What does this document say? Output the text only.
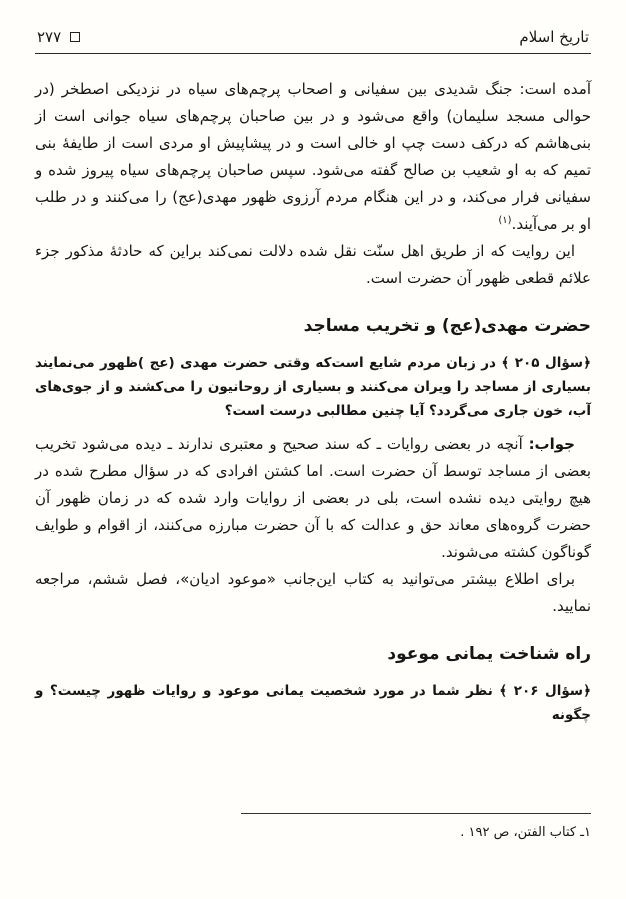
تاریخ اسلام
۲۷۷

آمده است: جنگ شدیدی بین سفیانی و اصحاب پرچم‌های سیاه در نزدیکی اصطخر (در حوالی مسجد سلیمان) واقع می‌شود و در بین صاحبان پرچم‌های سیاه جوانی است از بنی‌هاشم که درکف دست چپ او خالی است و در پیشاپیش او مردی است از طایفهٔ بنی تمیم که به او شعیب بن صالح گفته می‌شود. سپس صاحبان پرچم‌های سیاه پیروز شده و سفیانی فرار می‌کند، و در این هنگام مردم آرزوی ظهور مهدی(عج) را می‌کنند و در طلب او بر می‌آیند.$^{(۱)}$

این روایت که از طریق اهل سنّت نقل شده دلالت نمی‌کند براین که حادثهٔ مذکور جزء علائم قطعی ظهور آن حضرت است.

حضرت مهدی(عج) و تخریب مساجد

﴿سؤال ۲۰۵ ﴾ در زبان مردم شایع است‌که وقتی حضرت مهدی (عج )ظهور می‌نمایند بسیاری از مساجد را ویران می‌کنند و بسیاری از روحانیون را می‌کشند و از جوی‌های آب، خون جاری می‌گردد؟ آیا چنین مطالبی درست است؟

جواب: آنچه در بعضی روایات ـ که سند صحیح و معتبری ندارند ـ دیده می‌شود تخریب بعضی از مساجد توسط آن حضرت است. اما کشتن افرادی که در سؤال مطرح شده در هیچ روایتی دیده نشده است، بلی در بعضی از روایات وارد شده که در زمان ظهور آن حضرت گروه‌های معاند حق و عدالت که با آن حضرت مبارزه می‌کنند، از اقوام و طوایف گوناگون کشته می‌شوند.

برای اطلاع بیشتر می‌توانید به کتاب این‌جانب «موعود ادیان»، فصل ششم، مراجعه نمایید.

راه شناخت یمانی موعود

﴿سؤال ۲۰۶ ﴾ نظر شما در مورد شخصیت یمانی موعود و روایات ظهور چیست؟ و چگونه

۱ـ کتاب الفتن، ص ۱۹۲ .
